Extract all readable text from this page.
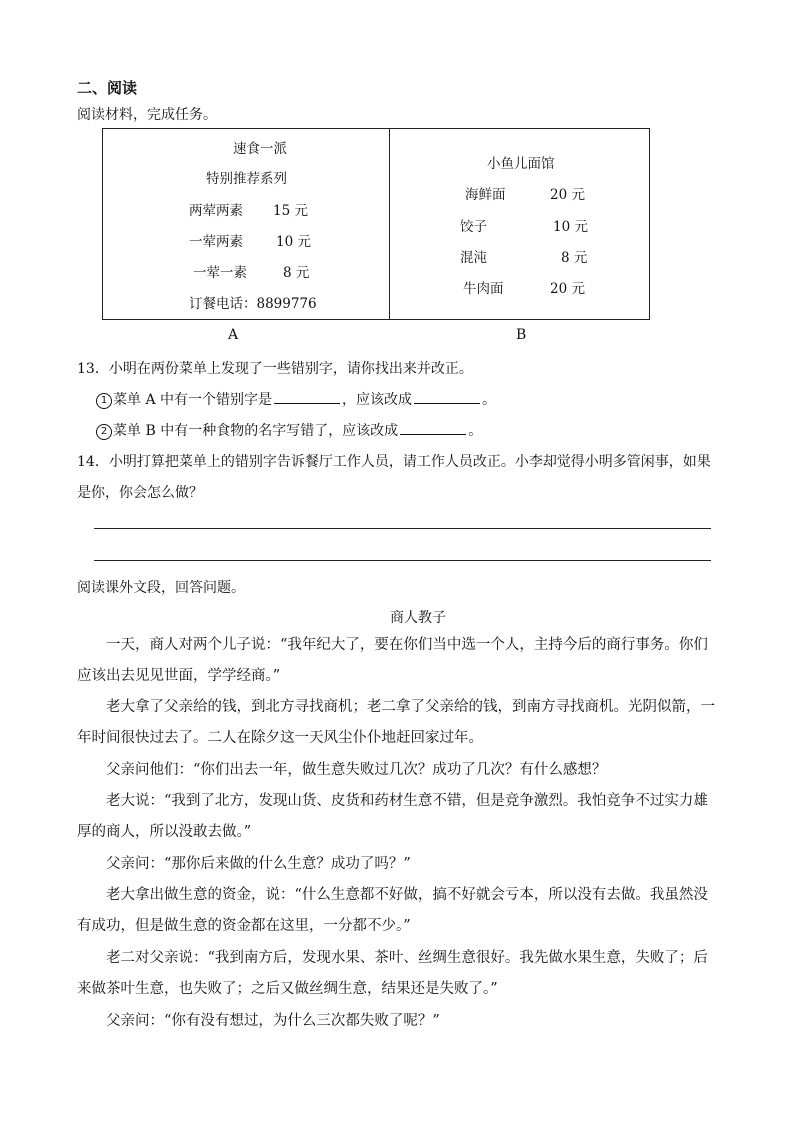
二、阅读
阅读材料，完成任务。
速食一派
特别推荐系列
两荤两素 15 元
一荤两素 10 元
一荤一素	8 元
订餐电话：8899776
小鱼儿面馆
海鲜面	20 元
饺子	10 元
混沌	8 元
牛肉面	20 元
A	B
13．小明在两份菜单上发现了一些错别字，请你找出来并改正。
1 菜单 A 中有一个错别字是	，应该改成	。
2 菜单 B 中有一种食物的名字写错了，应该改成	。
14．小明打算把菜单上的错别字告诉餐厅工作人员，请工作人员改正。小李却觉得小明多管闲事，如果
是你，你会怎么做？
阅读课外文段，回答问题。
商人教子
一天，商人对两个儿子说：“我年纪大了，要在你们当中选一个人，主持今后的商行事务。你们应该出去见见世面，学学经商。”
老大拿了父亲给的钱，到北方寻找商机；老二拿了父亲给的钱，到南方寻找商机。光阴似箭，一年时间很快过去了。二人在除夕这一天风尘仆仆地赶回家过年。
父亲问他们：“你们出去一年，做生意失败过几次？成功了几次？有什么感想？
老大说：“我到了北方，发现山货、皮货和药材生意不错，但是竞争激烈。我怕竞争不过实力雄厚的商人，所以没敢去做。”
父亲问：“那你后来做的什么生意？成功了吗？”
老大拿出做生意的资金，说：“什么生意都不好做，搞不好就会亏本，所以没有去做。我虽然没有成功，但是做生意的资金都在这里，一分都不少。”
老二对父亲说：“我到南方后，发现水果、茶叶、丝绸生意很好。我先做水果生意，失败了；后来做茶叶生意，也失败了；之后又做丝绸生意，结果还是失败了。”
父亲问：“你有没有想过，为什么三次都失败了呢？”
